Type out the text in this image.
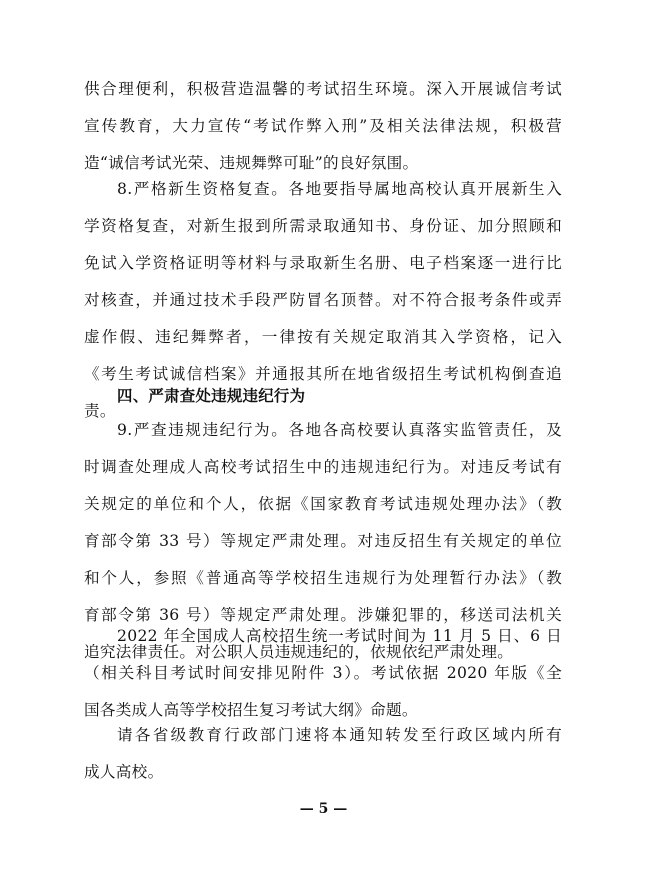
供合理便利，积极营造温馨的考试招生环境。深入开展诚信考试
宣传教育，大力宣传“考试作弊入刑”及相关法律法规，积极营
造“诚信考试光荣、违规舞弊可耻”的良好氛围。
8.严格新生资格复查。各地要指导属地高校认真开展新生入
学资格复查，对新生报到所需录取通知书、身份证、加分照顾和
免试入学资格证明等材料与录取新生名册、电子档案逐一进行比
对核查，并通过技术手段严防冒名顶替。对不符合报考条件或弄
虚作假、违纪舞弊者，一律按有关规定取消其入学资格，记入
《考生考试诚信档案》并通报其所在地省级招生考试机构倒查追
责。
四、严肃查处违规违纪行为
9.严查违规违纪行为。各地各高校要认真落实监管责任，及
时调查处理成人高校考试招生中的违规违纪行为。对违反考试有
关规定的单位和个人，依据《国家教育考试违规处理办法》（教
育部令第 33 号）等规定严肃处理。对违反招生有关规定的单位
和个人，参照《普通高等学校招生违规行为处理暂行办法》（教
育部令第 36 号）等规定严肃处理。涉嫌犯罪的，移送司法机关
追究法律责任。对公职人员违规违纪的，依规依纪严肃处理。
2022 年全国成人高校招生统一考试时间为 11 月 5 日、6 日
（相关科目考试时间安排见附件 3）。考试依据 2020 年版《全
国各类成人高等学校招生复习考试大纲》命题。
请各省级教育行政部门速将本通知转发至行政区域内所有
成人高校。
— 5 —
